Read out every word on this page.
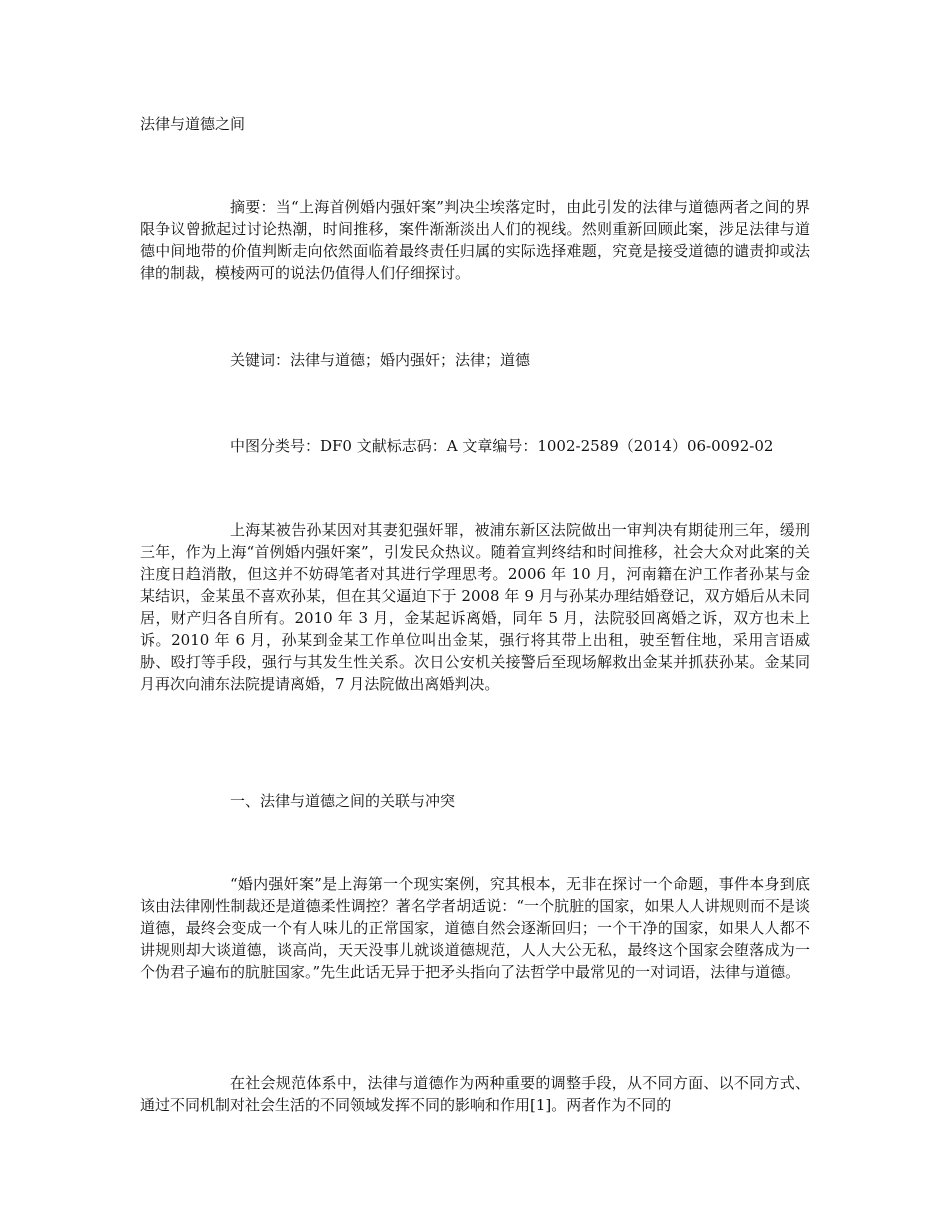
法律与道德之间

摘要：当“上海首例婚内强奸案”判决尘埃落定时，由此引发的法律与道德两者之间的界限争议曾掀起过讨论热潮，时间推移，案件渐渐淡出人们的视线。然则重新回顾此案，涉足法律与道德中间地带的价值判断走向依然面临着最终责任归属的实际选择难题，究竟是接受道德的谴责抑或法律的制裁，模棱两可的说法仍值得人们仔细探讨。

关键词：法律与道德；婚内强奸；法律；道德
中图分类号：DF0 文献标志码：A 文章编号：1002-2589（2014）06-0092-02

上海某被告孙某因对其妻犯强奸罪，被浦东新区法院做出一审判决有期徒刑三年，缓刑三年，作为上海“首例婚内强奸案”，引发民众热议。随着宣判终结和时间推移，社会大众对此案的关注度日趋消散，但这并不妨碍笔者对其进行学理思考。2006 年 10 月，河南籍在沪工作者孙某与金某结识，金某虽不喜欢孙某，但在其父逼迫下于 2008 年 9 月与孙某办理结婚登记，双方婚后从未同居，财产归各自所有。2010 年 3 月，金某起诉离婚，同年 5 月，法院驳回离婚之诉，双方也未上诉。2010 年 6 月，孙某到金某工作单位叫出金某，强行将其带上出租，驶至暂住地，采用言语威胁、殴打等手段，强行与其发生性关系。次日公安机关接警后至现场解救出金某并抓获孙某。金某同月再次向浦东法院提请离婚，7 月法院做出离婚判决。

一、法律与道德之间的关联与冲突

“婚内强奸案”是上海第一个现实案例，究其根本，无非在探讨一个命题，事件本身到底该由法律刚性制裁还是道德柔性调控？著名学者胡适说：“一个肮脏的国家，如果人人讲规则而不是谈道德，最终会变成一个有人味儿的正常国家，道德自然会逐渐回归；一个干净的国家，如果人人都不讲规则却大谈道德，谈高尚，天天没事儿就谈道德规范，人人大公无私，最终这个国家会堕落成为一个伪君子遍布的肮脏国家。”先生此话无异于把矛头指向了法哲学中最常见的一对词语，法律与道德。

在社会规范体系中，法律与道德作为两种重要的调整手段，从不同方面、以不同方式、通过不同机制对社会生活的不同领域发挥不同的影响和作用[1]。两者作为不同的
